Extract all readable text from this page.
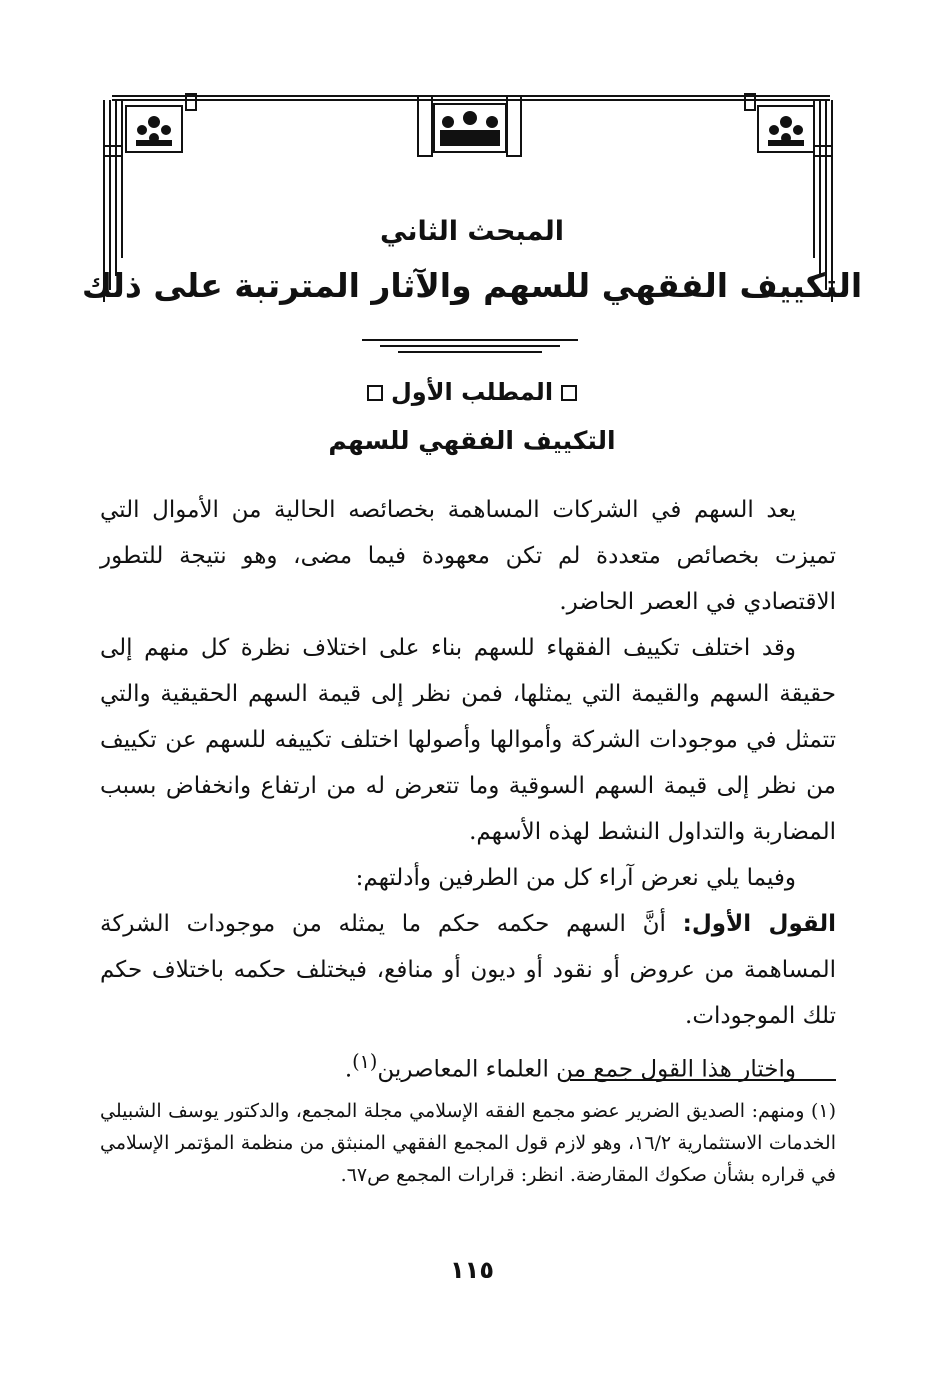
المبحث الثاني
التكييف الفقهي للسهم والآثار المترتبة على ذلك
المطلب الأول
التكييف الفقهي للسهم

يعد السهم في الشركات المساهمة بخصائصه الحالية من الأموال التي تميزت بخصائص متعددة لم تكن معهودة فيما مضى، وهو نتيجة للتطور الاقتصادي في العصر الحاضر.

وقد اختلف تكييف الفقهاء للسهم بناء على اختلاف نظرة كل منهم إلى حقيقة السهم والقيمة التي يمثلها، فمن نظر إلى قيمة السهم الحقيقية والتي تتمثل في موجودات الشركة وأموالها وأصولها اختلف تكييفه للسهم عن تكييف من نظر إلى قيمة السهم السوقية وما تتعرض له من ارتفاع وانخفاض بسبب المضاربة والتداول النشط لهذه الأسهم.

وفيما يلي نعرض آراء كل من الطرفين وأدلتهم:

القول الأول: أنَّ السهم حكمه حكم ما يمثله من موجودات الشركة المساهمة من عروض أو نقود أو ديون أو منافع، فيختلف حكمه باختلاف حكم تلك الموجودات.

واختار هذا القول جمع من العلماء المعاصرين$^{(١)}$.

(١) ومنهم: الصديق الضرير عضو مجمع الفقه الإسلامي مجلة المجمع، والدكتور يوسف الشبيلي الخدمات الاستثمارية ١٦/٢، وهو لازم قول المجمع الفقهي المنبثق من منظمة المؤتمر الإسلامي في قراره بشأن صكوك المقارضة. انظر: قرارات المجمع ص٦٧.
١١٥
